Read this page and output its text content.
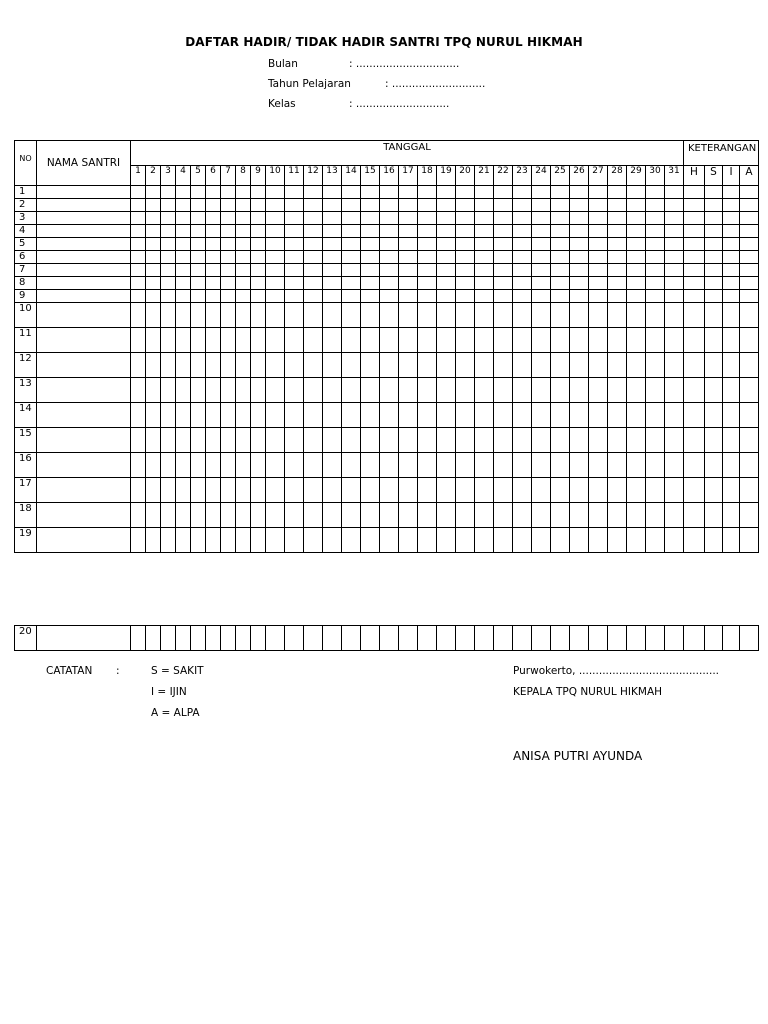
DAFTAR HADIR/ TIDAK HADIR SANTRI TPQ NURUL HIKMAH
Bulan	: ...............................
Tahun Pelajaran	: ............................
Kelas	: ............................
NO	NAMA SANTRI	TANGGAL																															KETERANGAN			
		1	2	3	4	5	6	7	8	9	10	11	12	13	14	15	16	17	18	19	20	21	22	23	24	25	26	27	28	29	30	31	H	S	I	A
1																																				
2																																				
3																																				
4																																				
5																																				
6																																				
7																																				
8																																				
9																																				
10																																				
11																																				
12																																				
13																																				
14																																				
15																																				
16																																				
17																																				
18																																				
19																																				

20																																				
CATATAN :	S = SAKIT
I = IJIN
A = ALPA
Purwokerto, ..........................................
KEPALA TPQ NURUL HIKMAH
ANISA PUTRI AYUNDA
